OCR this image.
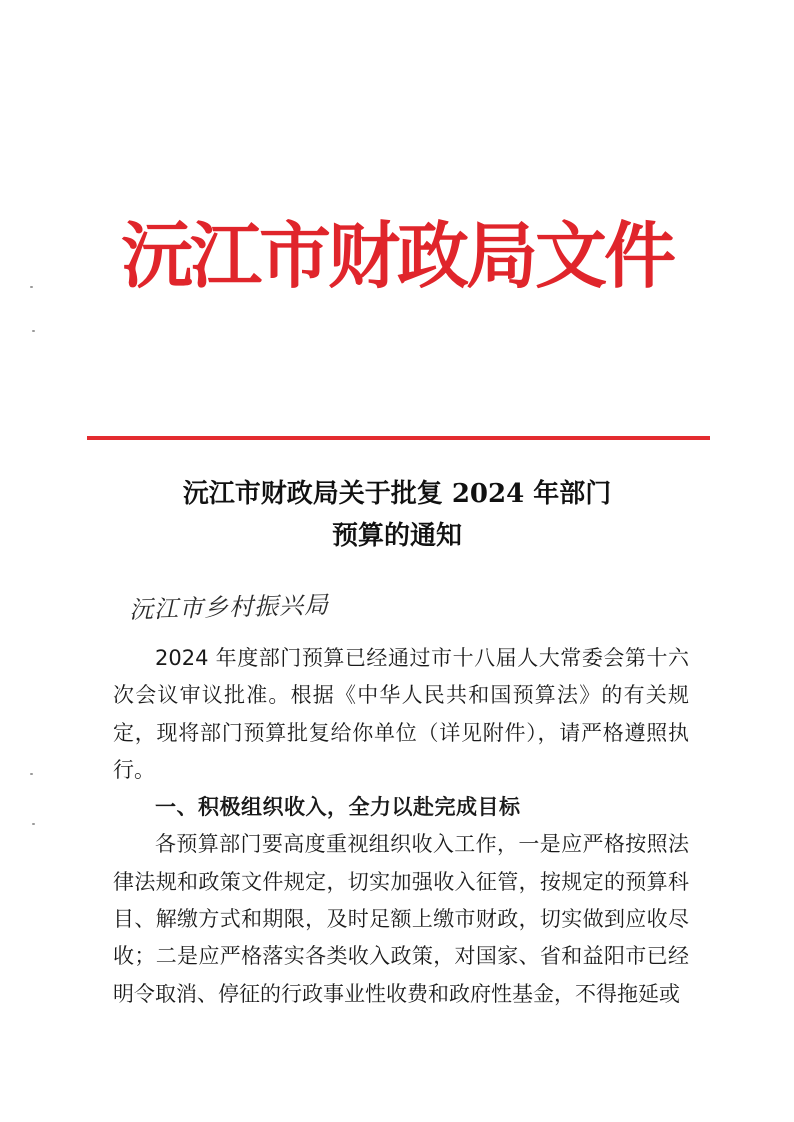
沅江市财政局文件
沅江市财政局关于批复 2024 年部门
预算的通知
沅江市乡村振兴局

2024 年度部门预算已经通过市十八届人大常委会第十六次会议审议批准。根据《中华人民共和国预算法》的有关规定，现将部门预算批复给你单位（详见附件），请严格遵照执行。

一、积极组织收入，全力以赴完成目标

各预算部门要高度重视组织收入工作，一是应严格按照法律法规和政策文件规定，切实加强收入征管，按规定的预算科目、解缴方式和期限，及时足额上缴市财政，切实做到应收尽收；二是应严格落实各类收入政策，对国家、省和益阳市已经明令取消、停征的行政事业性收费和政府性基金，不得拖延或
